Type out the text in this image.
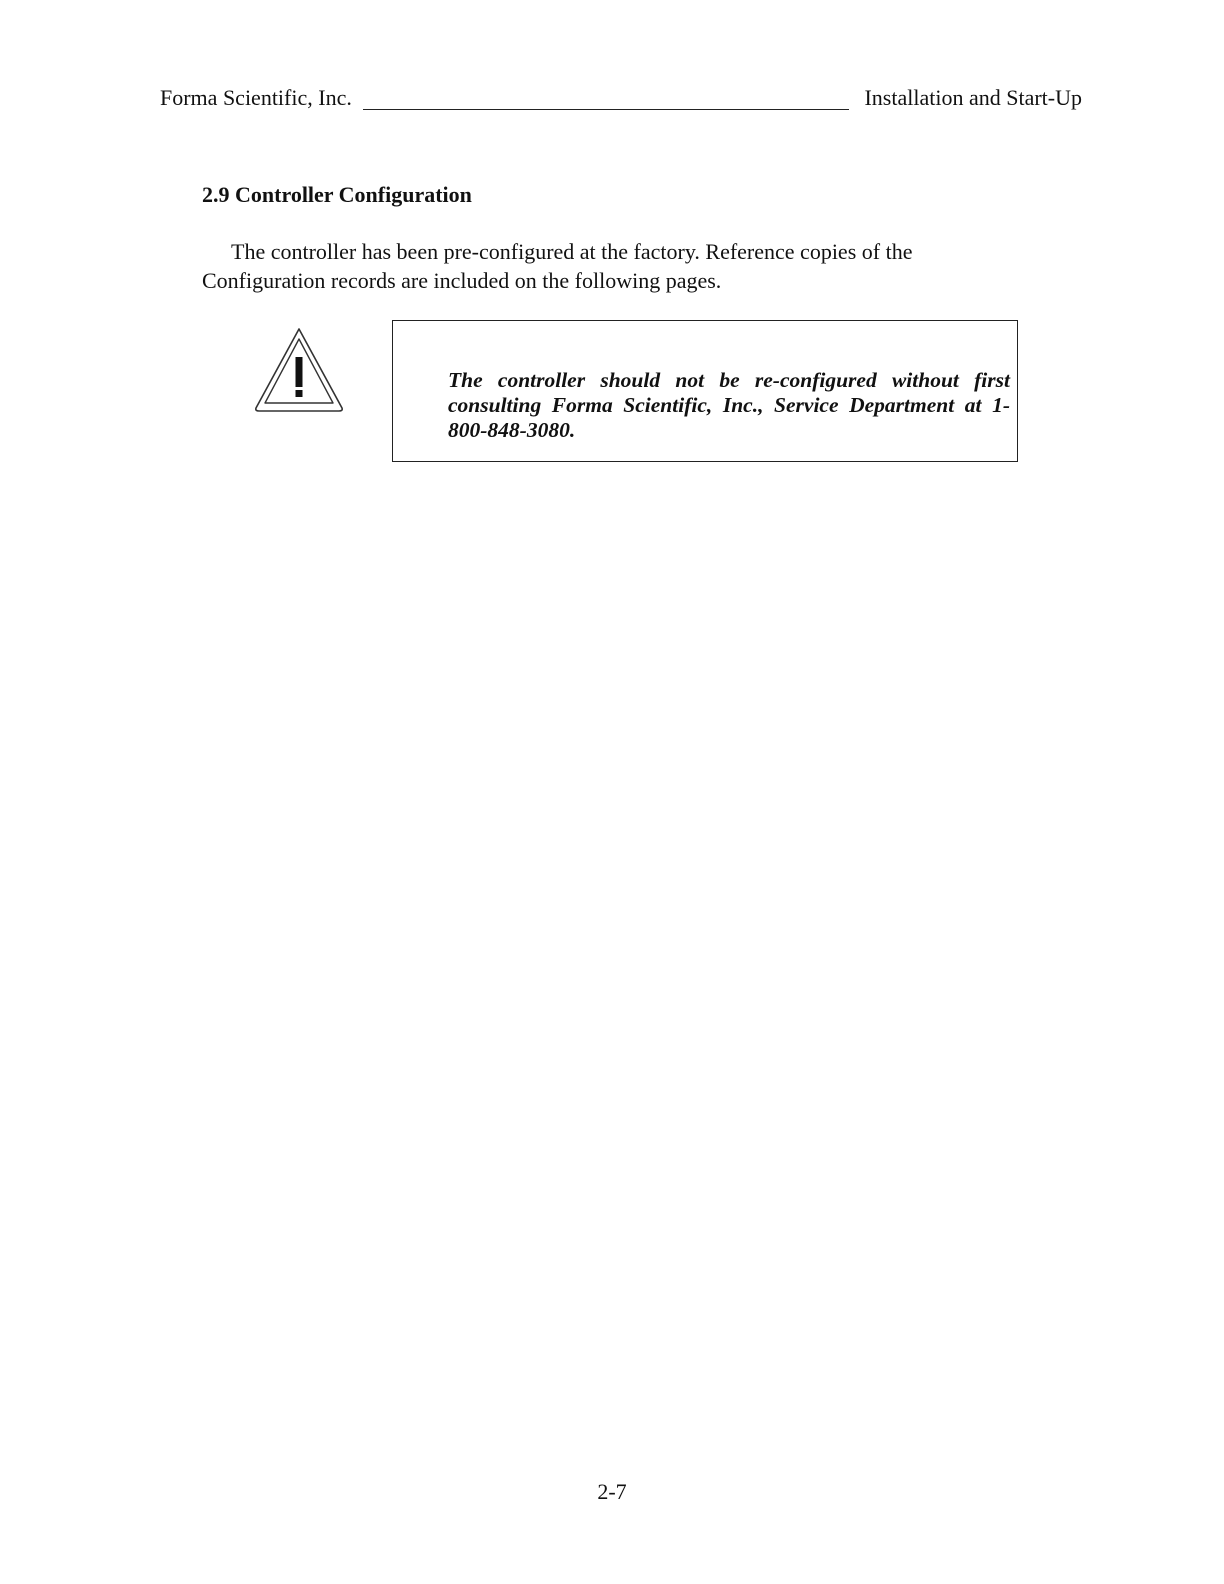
Forma Scientific, Inc.	Installation and Start-Up
2.9 Controller Configuration

The controller has been pre-configured at the factory. Reference copies of the Configuration records are included on the following pages.

The controller should not be re-configured without first consulting Forma Scientific, Inc., Service Department at 1-800-848-3080.

2-7
